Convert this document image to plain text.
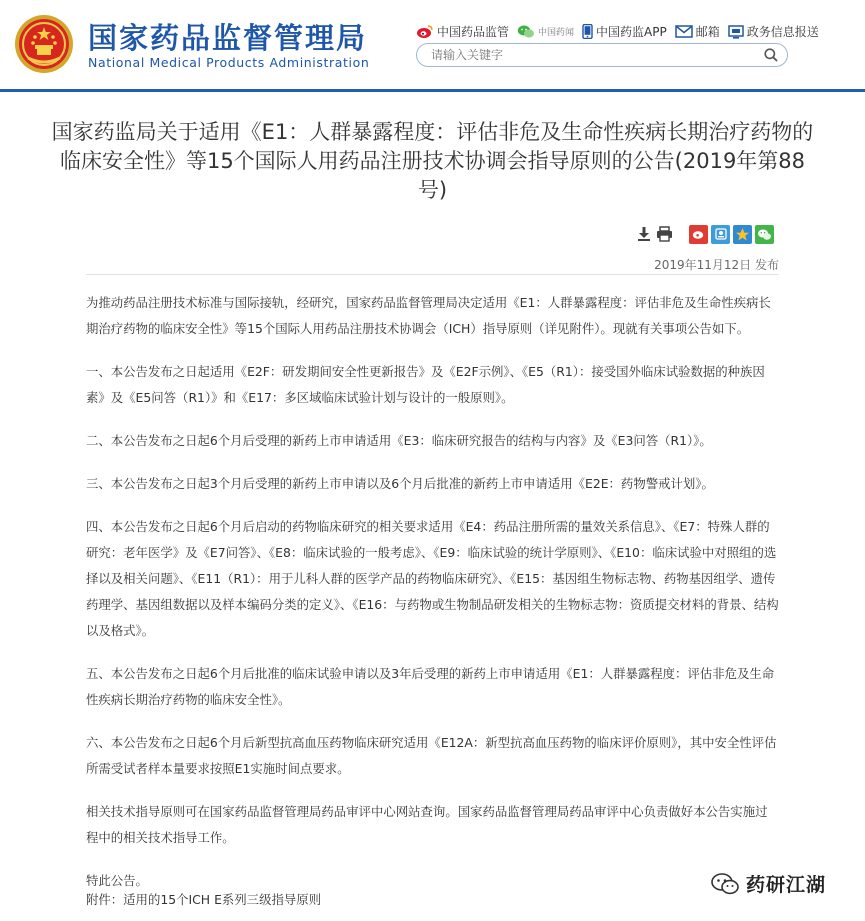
国家药品监督管理局
National Medical Products Administration
中国药品监管	中国药闻 中国药监APP 邮箱 政务信息报送
请输入关键字
国家药监局关于适用《E1：人群暴露程度：评估非危及生命性疾病长期治疗药物的临床安全性》等15个国际人用药品注册技术协调会指导原则的公告(2019年第88号)
2019年11月12日 发布

为推动药品注册技术标准与国际接轨，经研究，国家药品监督管理局决定适用《E1：人群暴露程度：评估非危及生命性疾病长期治疗药物的临床安全性》等15个国际人用药品注册技术协调会（ICH）指导原则（详见附件）。现就有关事项公告如下。

一、本公告发布之日起适用《E2F：研发期间安全性更新报告》及《E2F示例》、《E5（R1）：接受国外临床试验数据的种族因素》及《E5问答（R1）》和《E17：多区域临床试验计划与设计的一般原则》。

二、本公告发布之日起6个月后受理的新药上市申请适用《E3：临床研究报告的结构与内容》及《E3问答（R1）》。

三、本公告发布之日起3个月后受理的新药上市申请以及6个月后批准的新药上市申请适用《E2E：药物警戒计划》。

四、本公告发布之日起6个月后启动的药物临床研究的相关要求适用《E4：药品注册所需的量效关系信息》、《E7：特殊人群的研究：老年医学》及《E7问答》、《E8：临床试验的一般考虑》、《E9：临床试验的统计学原则》、《E10：临床试验中对照组的选择以及相关问题》、《E11（R1）：用于儿科人群的医学产品的药物临床研究》、《E15：基因组生物标志物、药物基因组学、遗传药理学、基因组数据以及样本编码分类的定义》、《E16：与药物或生物制品研发相关的生物标志物：资质提交材料的背景、结构以及格式》。

五、本公告发布之日起6个月后批准的临床试验申请以及3年后受理的新药上市申请适用《E1：人群暴露程度：评估非危及生命性疾病长期治疗药物的临床安全性》。

六、本公告发布之日起6个月后新型抗高血压药物临床研究适用《E12A：新型抗高血压药物的临床评价原则》，其中安全性评估所需受试者样本量要求按照E1实施时间点要求。

相关技术指导原则可在国家药品监督管理局药品审评中心网站查询。国家药品监督管理局药品审评中心负责做好本公告实施过程中的相关技术指导工作。

特此公告。

附件：适用的15个ICH E系列三级指导原则
药研江湖
